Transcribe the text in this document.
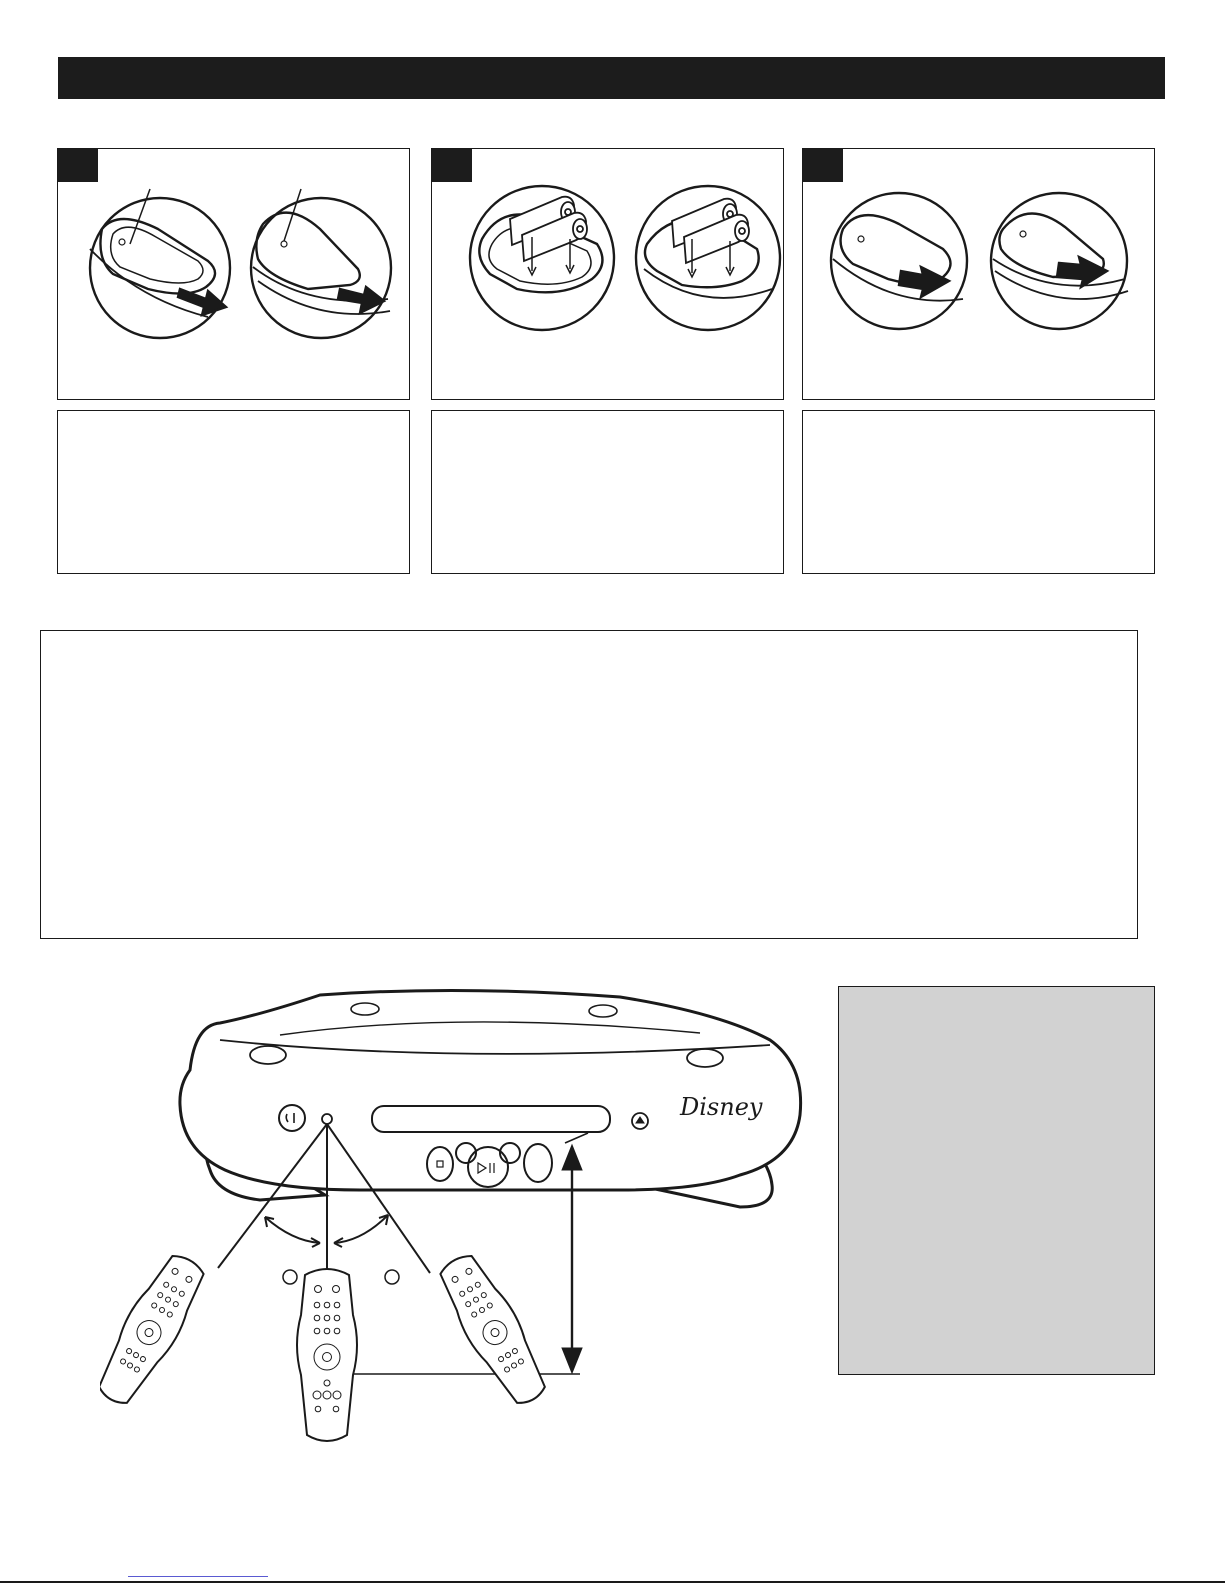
Disney
